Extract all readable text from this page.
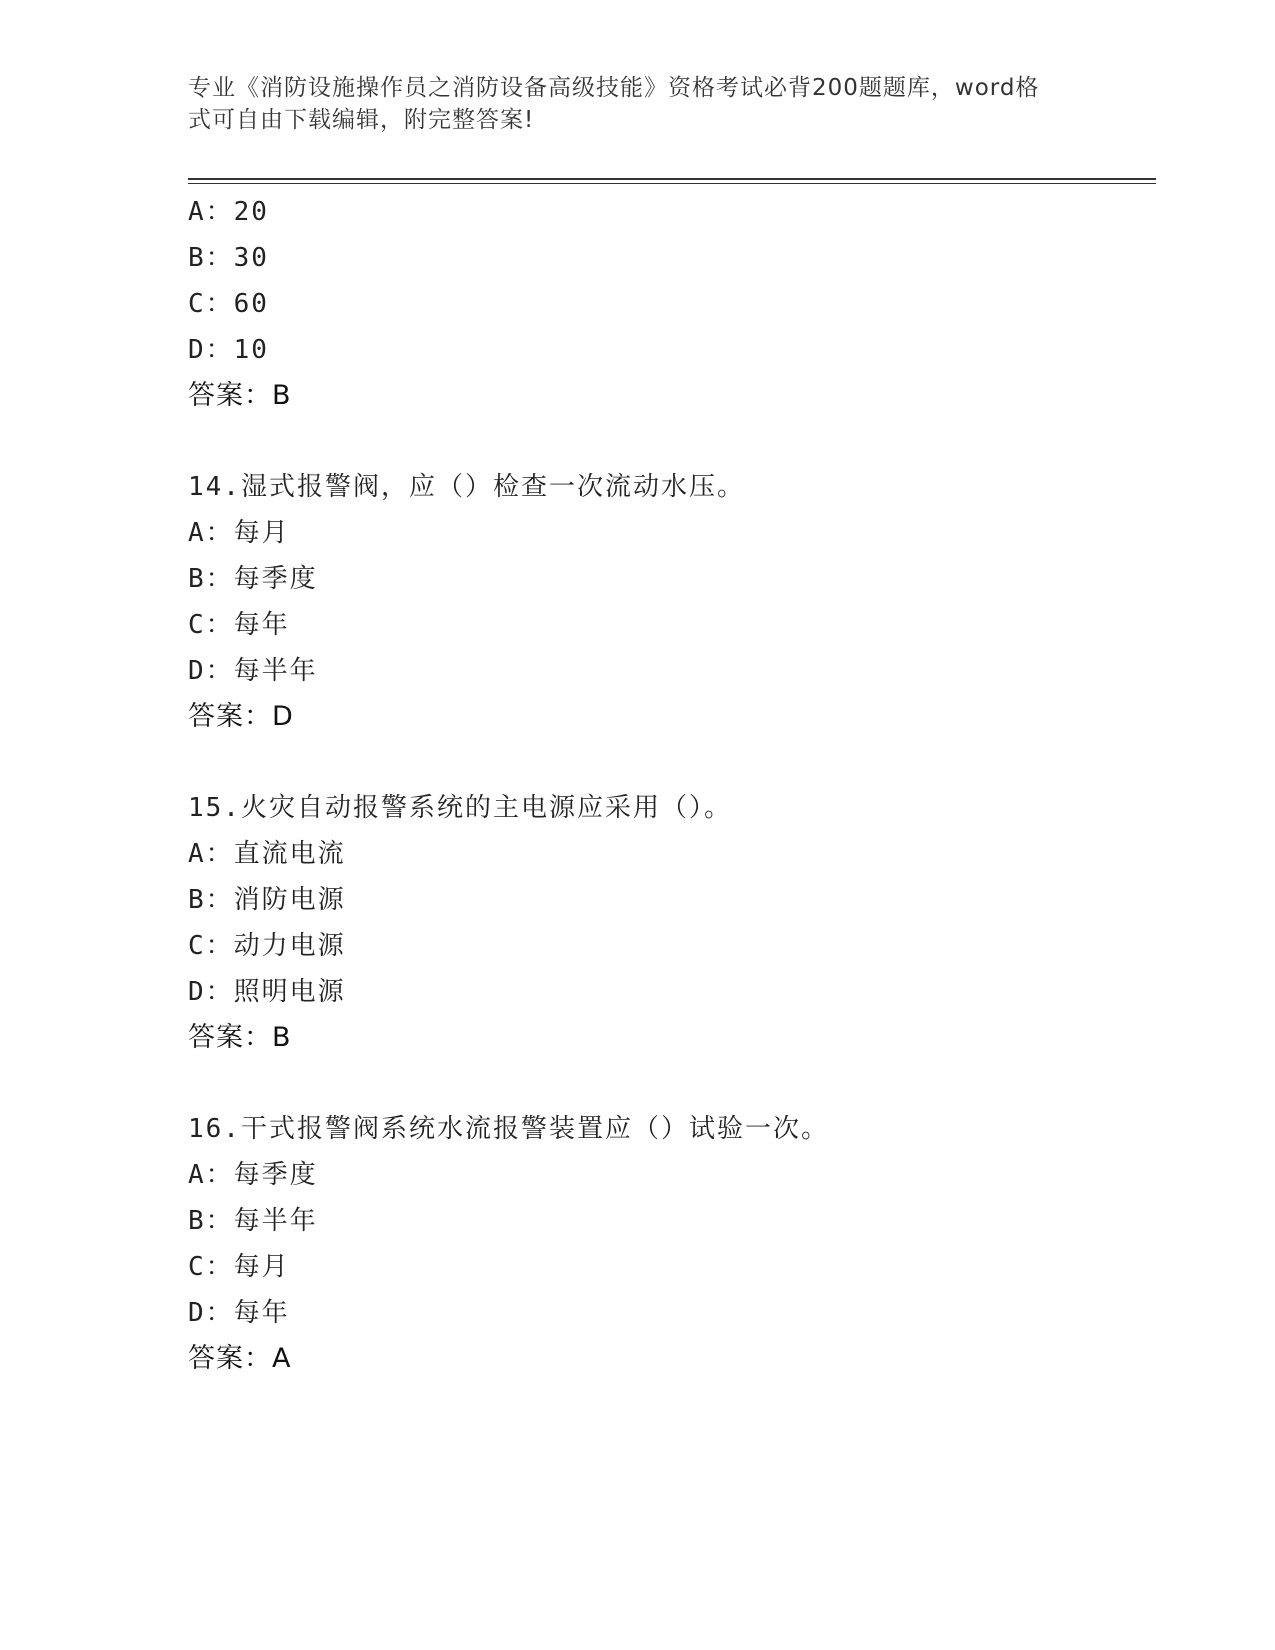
专业《消防设施操作员之消防设备高级技能》资格考试必背200题题库，word格
式可自由下载编辑，附完整答案!
A：20
B：30
C：60
D：10
答案：B
14.湿式报警阀，应（）检查一次流动水压。
A：每月
B：每季度
C：每年
D：每半年
答案：D
15.火灾自动报警系统的主电源应采用（）。
A：直流电流
B：消防电源
C：动力电源
D：照明电源
答案：B
16.干式报警阀系统水流报警装置应（）试验一次。
A：每季度
B：每半年
C：每月
D：每年
答案：A
